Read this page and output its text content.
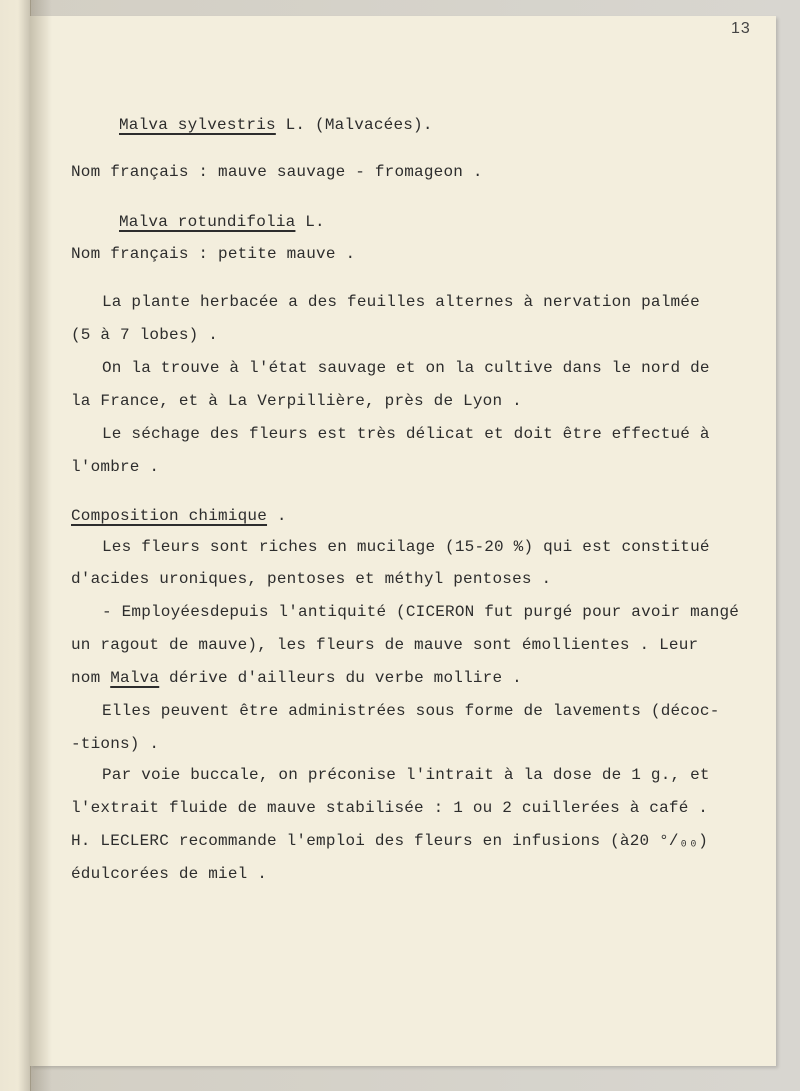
13
Malva sylvestris L. (Malvacées).
Nom français : mauve sauvage - fromageon .
Malva rotundifolia L.
Nom français : petite mauve .
La plante herbacée a des feuilles alternes à nervation palmée
(5 à 7 lobes) .
On la trouve à l'état sauvage et on la cultive dans le nord de
la France, et à La Verpillière, près de Lyon .
Le séchage des fleurs est très délicat et doit être effectué à
l'ombre .
Composition chimique .
Les fleurs sont riches en mucilage (15-20 %) qui est constitué
d'acides uroniques, pentoses et méthyl pentoses .
- Employéesdepuis l'antiquité (CICERON fut purgé pour avoir mangé
un ragout de mauve), les fleurs de mauve sont émollientes . Leur
nom Malva dérive d'ailleurs du verbe mollire .
Elles peuvent être administrées sous forme de lavements (décoc-
-tions) .
Par voie buccale, on préconise l'intrait à la dose de 1 g., et
l'extrait fluide de mauve stabilisée : 1 ou 2 cuillerées à café .
H. LECLERC recommande l'emploi des fleurs en infusions (à20 °/₀₀)
édulcorées de miel .
